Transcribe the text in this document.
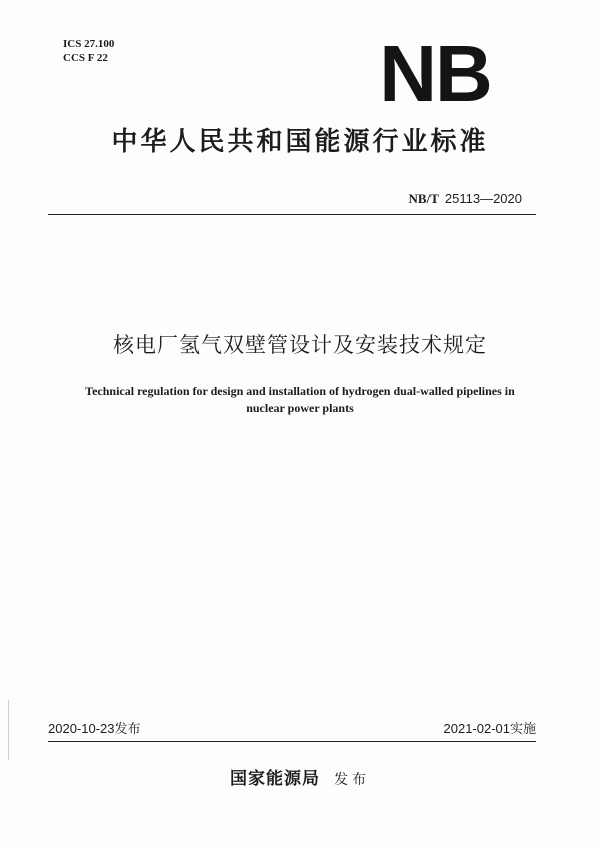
ICS 27.100
CCS F 22	NB
中华人民共和国能源行业标准
NB/T 25113—2020
核电厂氢气双壁管设计及安装技术规定
Technical regulation for design and installation of hydrogen dual-walled pipelines in
nuclear power plants
2020-10-23发布	2021-02-01实施
国家能源局 发布
